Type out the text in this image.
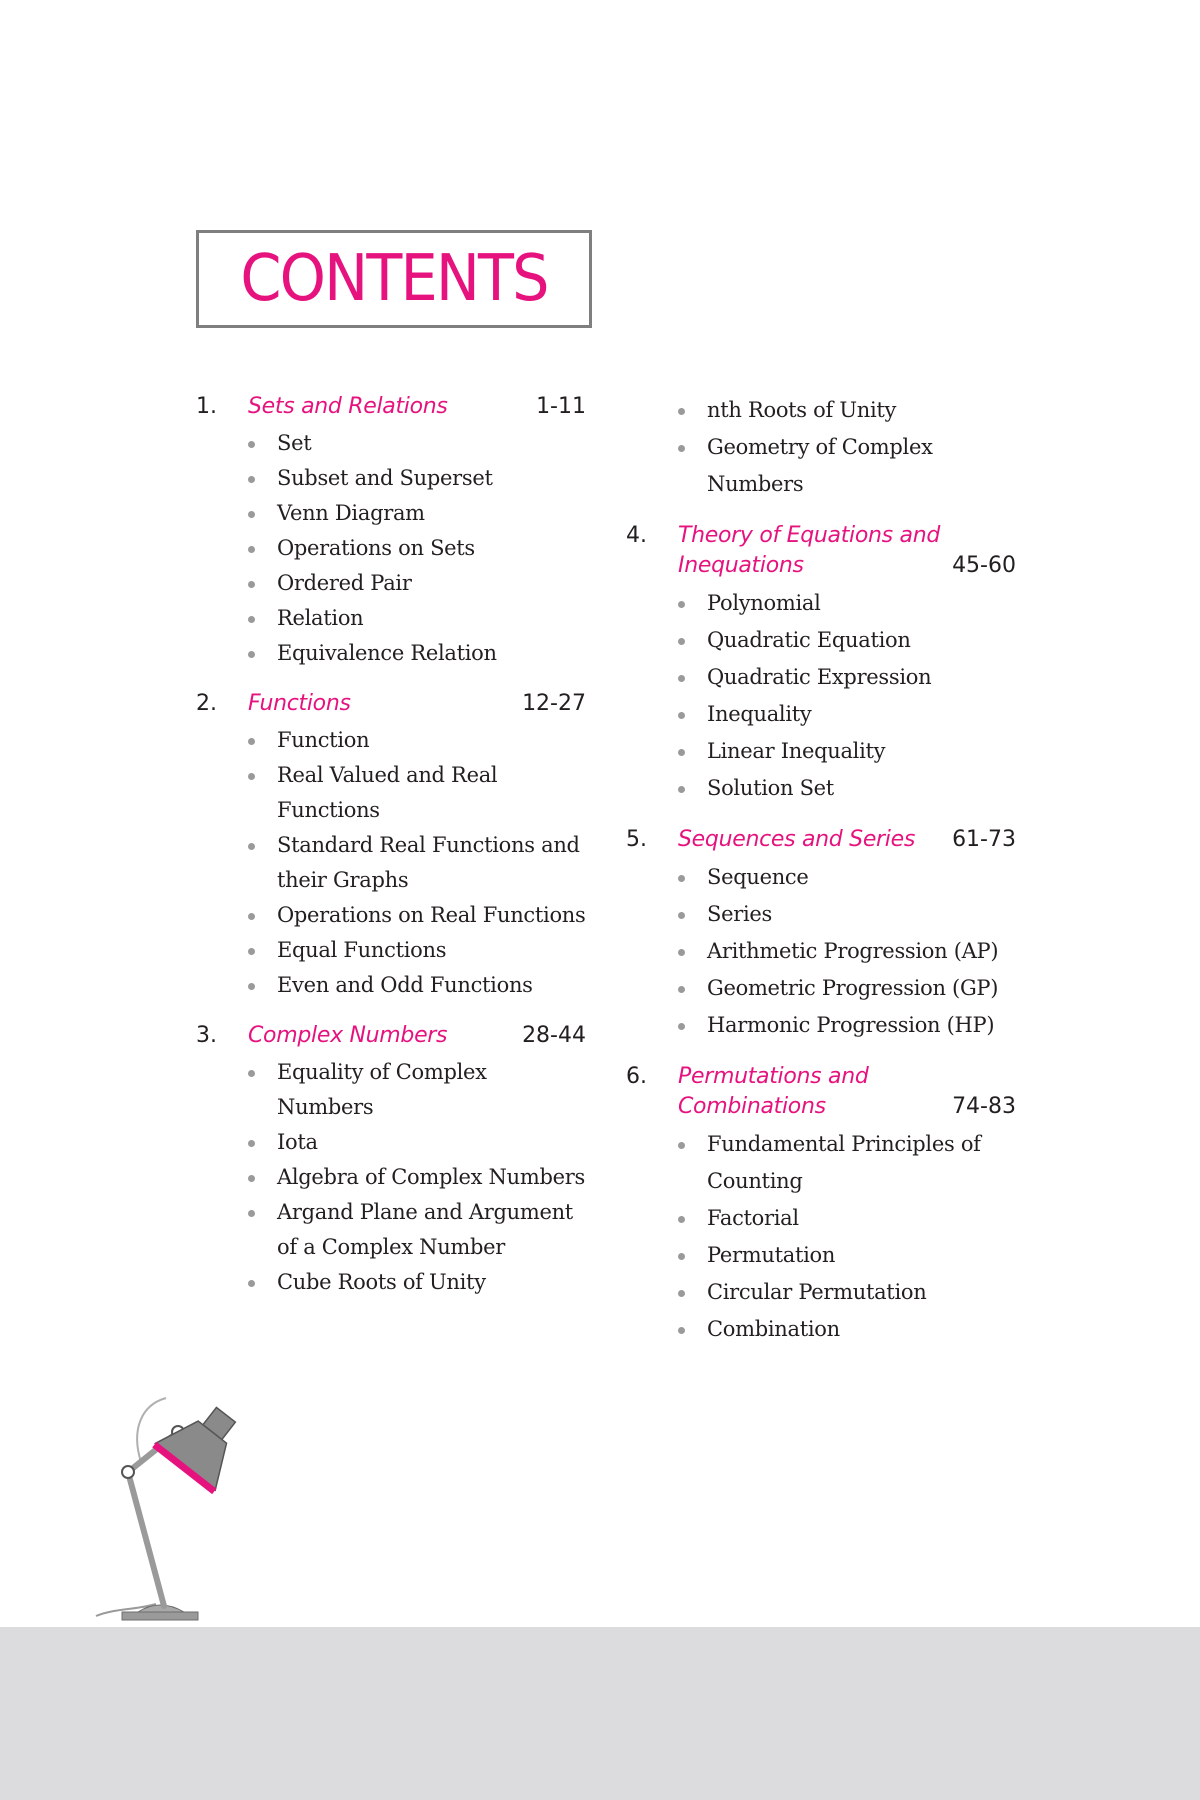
CONTENTS
1.	Sets and Relations	1-11
Set
Subset and Superset
Venn Diagram
Operations on Sets
Ordered Pair
Relation
Equivalence Relation
2.	Functions	12-27
Function
Real Valued and Real Functions
Standard Real Functions and their Graphs
Operations on Real Functions
Equal Functions
Even and Odd Functions
3.	Complex Numbers	28-44
Equality of Complex Numbers
Iota
Algebra of Complex Numbers
Argand Plane and Argument of a Complex Number
Cube Roots of Unity
nth Roots of Unity
Geometry of Complex Numbers
4.	Theory of Equations and Inequations	45-60
Polynomial
Quadratic Equation
Quadratic Expression
Inequality
Linear Inequality
Solution Set
5.	Sequences and Series	61-73
Sequence
Series
Arithmetic Progression (AP)
Geometric Progression (GP)
Harmonic Progression (HP)
6.	Permutations and Combinations	74-83
Fundamental Principles of Counting
Factorial
Permutation
Circular Permutation
Combination
